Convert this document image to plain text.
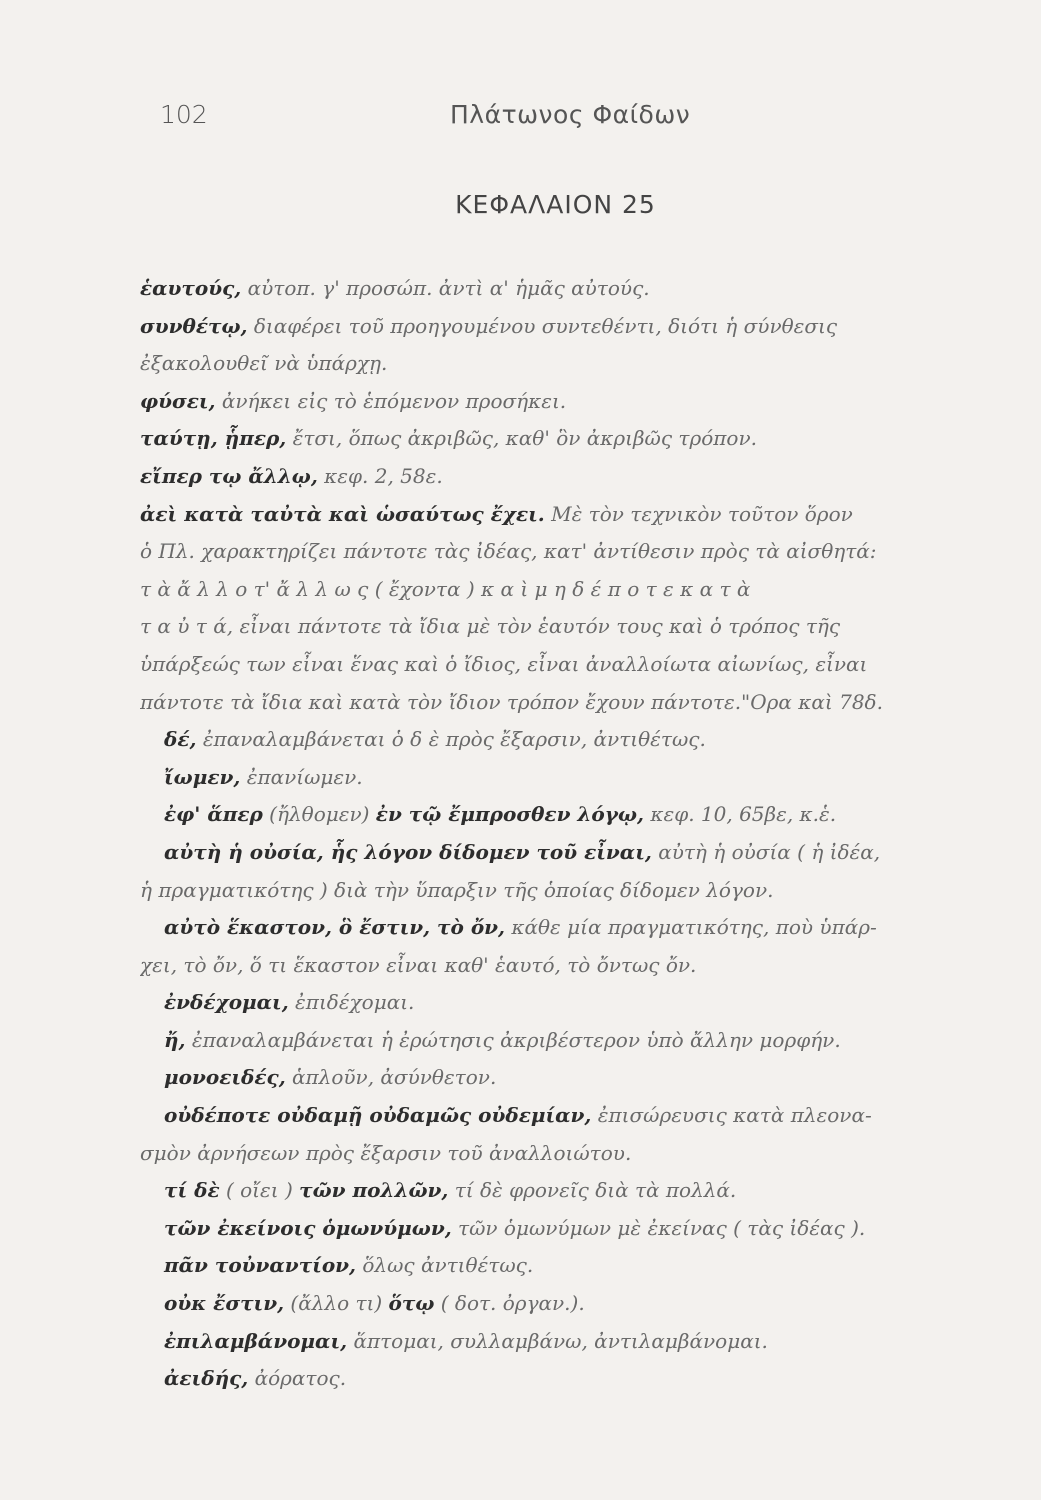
102	Πλάτωνος Φαίδων
ΚΕΦΑΛΑΙΟΝ 25
ἑαυτούς, αὐτοπ. γ' προσώπ. ἀντὶ α' ἡμᾶς αὐτούς.
συνθέτῳ, διαφέρει τοῦ προηγουμένου συντεθέντι, διότι ἡ σύνθεσις
ἐξακολουθεῖ νὰ ὑπάρχῃ.
φύσει, ἀνήκει εἰς τὸ ἑπόμενον προσήκει.
ταύτῃ, ᾗπερ, ἔτσι, ὅπως ἀκριβῶς, καθ' ὃν ἀκριβῶς τρόπον.
εἴπερ τῳ ἄλλῳ, κεφ. 2, 58ε.
ἀεὶ κατὰ ταὐτὰ καὶ ὡσαύτως ἔχει. Μὲ τὸν τεχνικὸν τοῦτον ὅρον
ὁ Πλ. χαρακτηρίζει πάντοτε τὰς ἰδέας, κατ' ἀντίθεσιν πρὸς τὰ αἰσθητά:
τ ὰ ἄ λ λ ο τ' ἄ λ λ ω ς ( ἔχοντα ) κ α ὶ μ η δ έ π ο τ ε κ α τ ὰ
τ α ὐ τ ά, εἶναι πάντοτε τὰ ἴδια μὲ τὸν ἑαυτόν τους καὶ ὁ τρόπος τῆς
ὑπάρξεώς των εἶναι ἕνας καὶ ὁ ἴδιος, εἶναι ἀναλλοίωτα αἰωνίως, εἶναι
πάντοτε τὰ ἴδια καὶ κατὰ τὸν ἴδιον τρόπον ἔχουν πάντοτε."Ορα καὶ 78δ.
δέ, ἐπαναλαμβάνεται ὁ δ ὲ πρὸς ἔξαρσιν, ἀντιθέτως.
ἴωμεν, ἐπανίωμεν.
ἐφ' ἅπερ (ἤλθομεν) ἐν τῷ ἔμπροσθεν λόγῳ, κεφ. 10, 65βε, κ.ἑ.
αὐτὴ ἡ οὐσία, ἧς λόγον δίδομεν τοῦ εἶναι, αὐτὴ ἡ οὐσία ( ἡ ἰδέα,
ἡ πραγματικότης ) διὰ τὴν ὕπαρξιν τῆς ὁποίας δίδομεν λόγον.
αὐτὸ ἕκαστον, ὃ ἔστιν, τὸ ὄν, κάθε μία πραγματικότης, ποὺ ὑπάρ-
χει, τὸ ὄν, ὅ τι ἕκαστον εἶναι καθ' ἑαυτό, τὸ ὄντως ὄν.
ἐνδέχομαι, ἐπιδέχομαι.
ἤ, ἐπαναλαμβάνεται ἡ ἐρώτησις ἀκριβέστερον ὑπὸ ἄλλην μορφήν.
μονοειδές, ἁπλοῦν, ἀσύνθετον.
οὐδέποτε οὐδαμῇ οὐδαμῶς οὐδεμίαν, ἐπισώρευσις κατὰ πλεονα-
σμὸν ἀρνήσεων πρὸς ἔξαρσιν τοῦ ἀναλλοιώτου.
τί δὲ ( οἴει ) τῶν πολλῶν, τί δὲ φρονεῖς διὰ τὰ πολλά.
τῶν ἐκείνοις ὁμωνύμων, τῶν ὁμωνύμων μὲ ἐκείνας ( τὰς ἰδέας ).
πᾶν τοὐναντίον, ὅλως ἀντιθέτως.
οὐκ ἔστιν, (ἄλλο τι) ὅτῳ ( δοτ. ὀργαν.).
ἐπιλαμβάνομαι, ἅπτομαι, συλλαμβάνω, ἀντιλαμβάνομαι.
ἀειδής, ἀόρατος.
